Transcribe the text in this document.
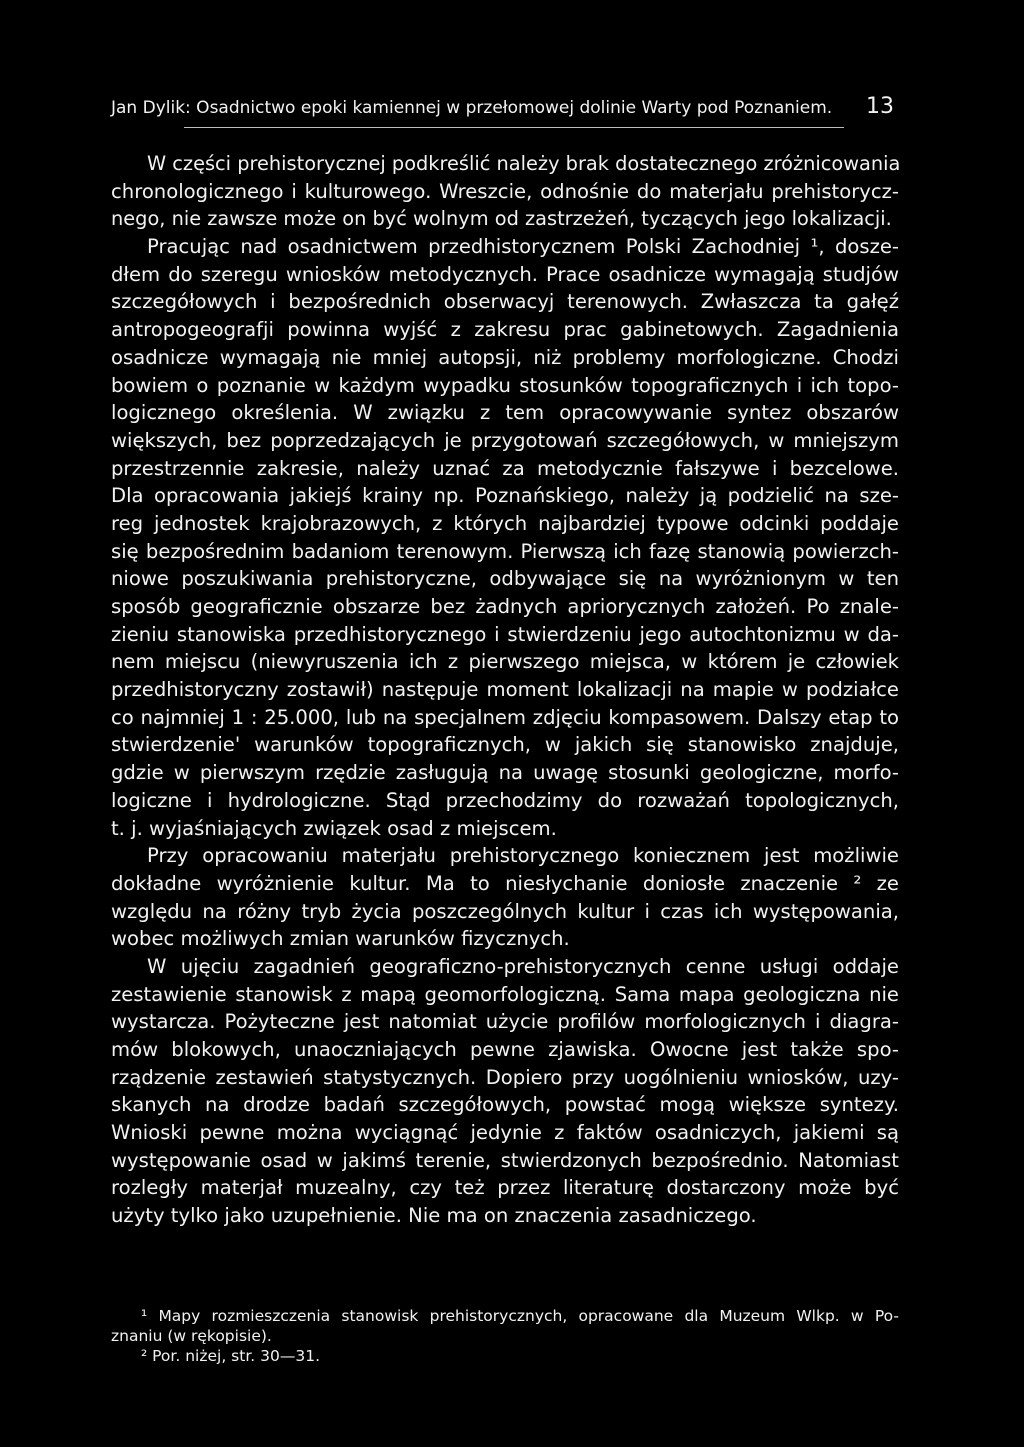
Jan Dylik: Osadnictwo epoki kamiennej w przełomowej dolinie Warty pod Poznaniem. 13
W części prehistorycznej podkreślić należy brak dostatecznego zróżnicowania
chronologicznego i kulturowego. Wreszcie, odnośnie do materjału prehistorycz-
nego, nie zawsze może on być wolnym od zastrzeżeń, tyczących jego lokalizacji.
Pracując nad osadnictwem przedhistorycznem Polski Zachodniej ¹, dosze-
dłem do szeregu wniosków metodycznych. Prace osadnicze wymagają studjów
szczegółowych i bezpośrednich obserwacyj terenowych. Zwłaszcza ta gałęź
antropogeografji powinna wyjść z zakresu prac gabinetowych. Zagadnienia
osadnicze wymagają nie mniej autopsji, niż problemy morfologiczne. Chodzi
bowiem o poznanie w każdym wypadku stosunków topograficznych i ich topo-
logicznego określenia. W związku z tem opracowywanie syntez obszarów
większych, bez poprzedzających je przygotowań szczegółowych, w mniejszym
przestrzennie zakresie, należy uznać za metodycznie fałszywe i bezcelowe.
Dla opracowania jakiejś krainy np. Poznańskiego, należy ją podzielić na sze-
reg jednostek krajobrazowych, z których najbardziej typowe odcinki poddaje
się bezpośrednim badaniom terenowym. Pierwszą ich fazę stanowią powierzch-
niowe poszukiwania prehistoryczne, odbywające się na wyróżnionym w ten
sposób geograficznie obszarze bez żadnych apriorycznych założeń. Po znale-
zieniu stanowiska przedhistorycznego i stwierdzeniu jego autochtonizmu w da-
nem miejscu (niewyruszenia ich z pierwszego miejsca, w którem je człowiek
przedhistoryczny zostawił) następuje moment lokalizacji na mapie w podziałce
co najmniej 1 : 25.000, lub na specjalnem zdjęciu kompasowem. Dalszy etap to
stwierdzenie' warunków topograficznych, w jakich się stanowisko znajduje,
gdzie w pierwszym rzędzie zasługują na uwagę stosunki geologiczne, morfo-
logiczne i hydrologiczne. Stąd przechodzimy do rozważań topologicznych,
t. j. wyjaśniających związek osad z miejscem.
Przy opracowaniu materjału prehistorycznego koniecznem jest możliwie
dokładne wyróżnienie kultur. Ma to niesłychanie doniosłe znaczenie ² ze
względu na różny tryb życia poszczególnych kultur i czas ich występowania,
wobec możliwych zmian warunków fizycznych.
W ujęciu zagadnień geograficzno-prehistorycznych cenne usługi oddaje
zestawienie stanowisk z mapą geomorfologiczną. Sama mapa geologiczna nie
wystarcza. Pożyteczne jest natomiat użycie profilów morfologicznych i diagra-
mów blokowych, unaoczniających pewne zjawiska. Owocne jest także spo-
rządzenie zestawień statystycznych. Dopiero przy uogólnieniu wniosków, uzy-
skanych na drodze badań szczegółowych, powstać mogą większe syntezy.
Wnioski pewne można wyciągnąć jedynie z faktów osadniczych, jakiemi są
występowanie osad w jakimś terenie, stwierdzonych bezpośrednio. Natomiast
rozległy materjał muzealny, czy też przez literaturę dostarczony może być
użyty tylko jako uzupełnienie. Nie ma on znaczenia zasadniczego.
¹ Mapy rozmieszczenia stanowisk prehistorycznych, opracowane dla Muzeum Wlkp. w Po-
znaniu (w rękopisie).
² Por. niżej, str. 30—31.
